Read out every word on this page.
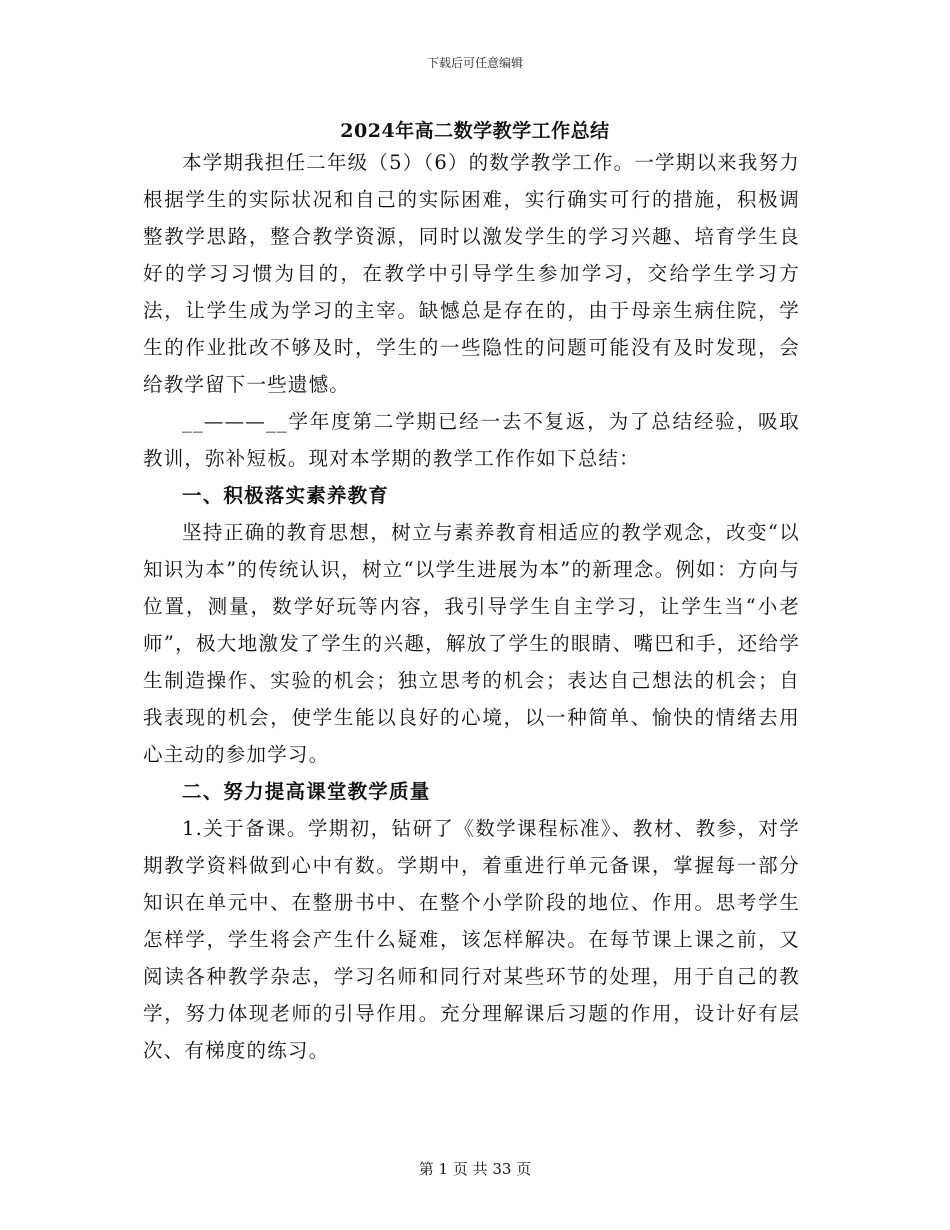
下载后可任意编辑
2024年高二数学教学工作总结

本学期我担任二年级（5）（6）的数学教学工作。一学期以来我努力根据学生的实际状况和自己的实际困难，实行确实可行的措施，积极调整教学思路，整合教学资源，同时以激发学生的学习兴趣、培育学生良好的学习习惯为目的，在教学中引导学生参加学习，交给学生学习方法，让学生成为学习的主宰。缺憾总是存在的，由于母亲生病住院，学生的作业批改不够及时，学生的一些隐性的问题可能没有及时发现，会给教学留下一些遗憾。

__———__学年度第二学期已经一去不复返，为了总结经验，吸取教训，弥补短板。现对本学期的教学工作作如下总结：

一、积极落实素养教育

坚持正确的教育思想，树立与素养教育相适应的教学观念，改变“以知识为本”的传统认识，树立“以学生进展为本”的新理念。例如：方向与位置，测量，数学好玩等内容，我引导学生自主学习，让学生当“小老师”，极大地激发了学生的兴趣，解放了学生的眼睛、嘴巴和手，还给学生制造操作、实验的机会；独立思考的机会；表达自己想法的机会；自我表现的机会，使学生能以良好的心境，以一种简单、愉快的情绪去用心主动的参加学习。

二、努力提高课堂教学质量

1.关于备课。学期初，钻研了《数学课程标准》、教材、教参，对学期教学资料做到心中有数。学期中，着重进行单元备课，掌握每一部分知识在单元中、在整册书中、在整个小学阶段的地位、作用。思考学生怎样学，学生将会产生什么疑难，该怎样解决。在每节课上课之前，又阅读各种教学杂志，学习名师和同行对某些环节的处理，用于自己的教学，努力体现老师的引导作用。充分理解课后习题的作用，设计好有层次、有梯度的练习。

第 1 页 共 33 页
